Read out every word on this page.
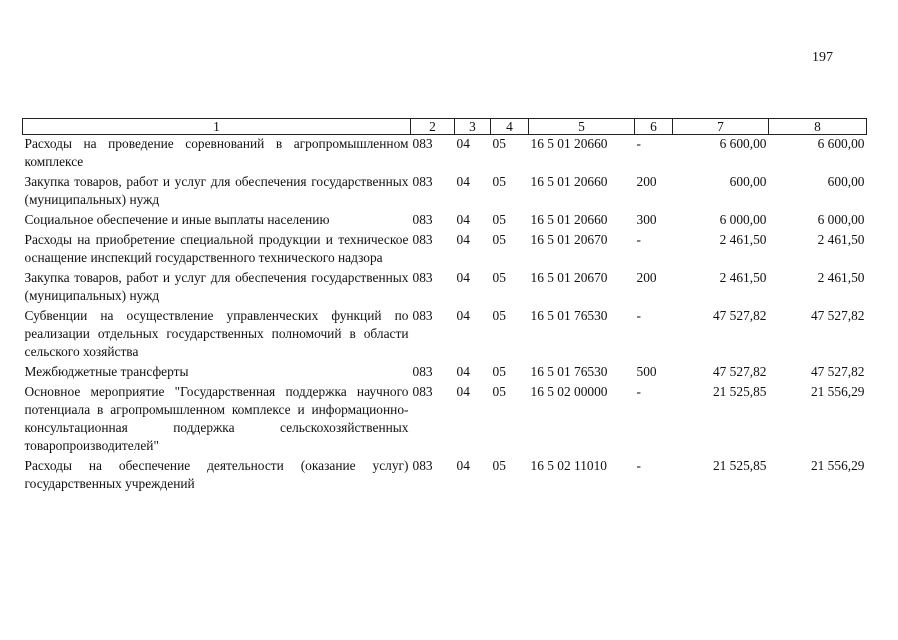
197
1	2	3	4	5	6	7	8
Расходы на проведение соревнований в агропромышленном комплексе	083	04	05	16 5 01 20660	-	6 600,00	6 600,00
Закупка товаров, работ и услуг для обеспечения государственных (муниципальных) нужд	083	04	05	16 5 01 20660	200	600,00	600,00
Социальное обеспечение и иные выплаты населению	083	04	05	16 5 01 20660	300	6 000,00	6 000,00
Расходы на приобретение специальной продукции и техническое оснащение инспекций государственного технического надзора	083	04	05	16 5 01 20670	-	2 461,50	2 461,50
Закупка товаров, работ и услуг для обеспечения государственных (муниципальных) нужд	083	04	05	16 5 01 20670	200	2 461,50	2 461,50
Субвенции на осуществление управленческих функций по реализации отдельных государственных полномочий в области сельского хозяйства	083	04	05	16 5 01 76530	-	47 527,82	47 527,82
Межбюджетные трансферты	083	04	05	16 5 01 76530	500	47 527,82	47 527,82
Основное мероприятие "Государственная поддержка научного потенциала в агропромышленном комплексе и информационно-консультационная поддержка сельскохозяйственных товаропроизводителей"	083	04	05	16 5 02 00000	-	21 525,85	21 556,29
Расходы на обеспечение деятельности (оказание услуг) государственных учреждений	083	04	05	16 5 02 11010	-	21 525,85	21 556,29
